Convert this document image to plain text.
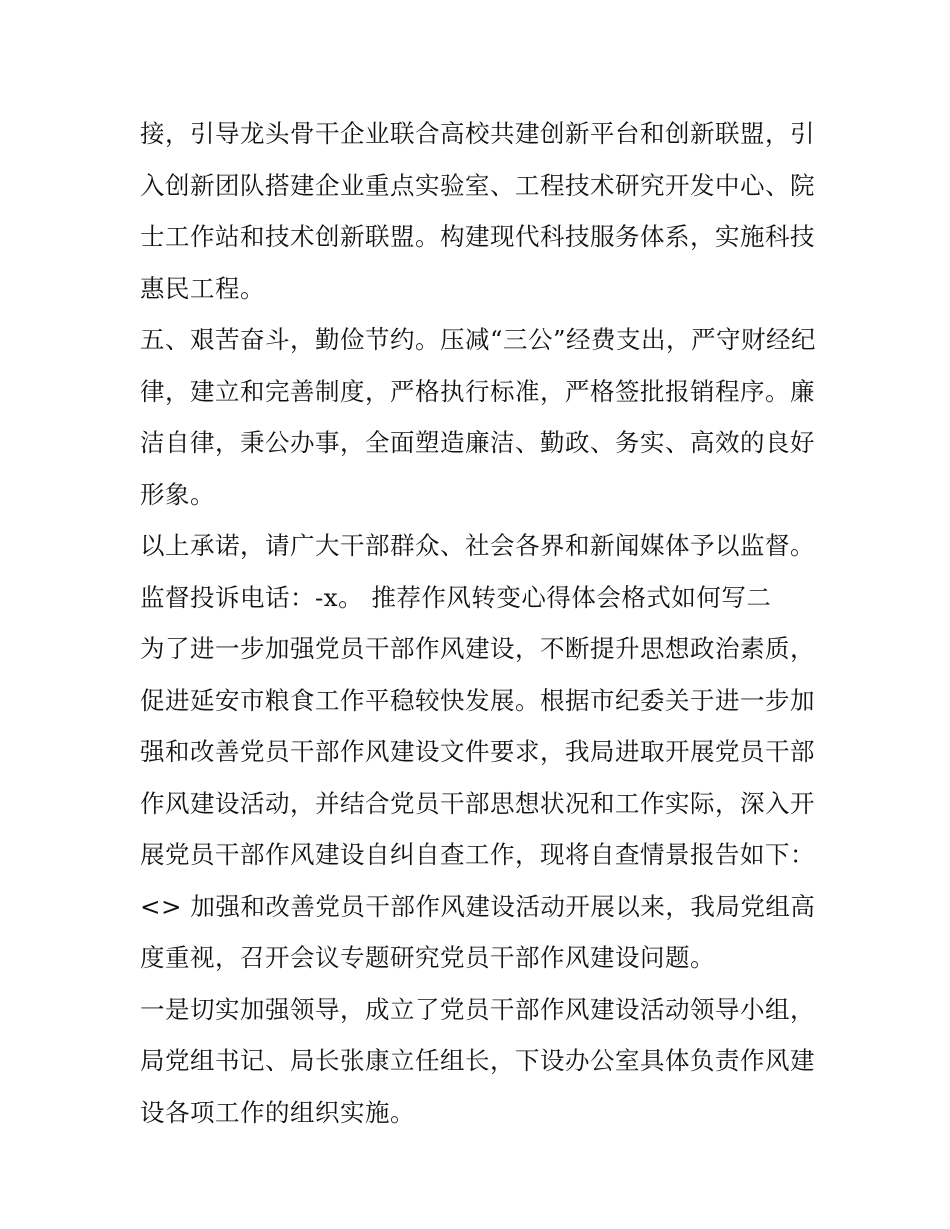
接，引导龙头骨干企业联合高校共建创新平台和创新联盟，引
入创新团队搭建企业重点实验室、工程技术研究开发中心、院
士工作站和技术创新联盟。构建现代科技服务体系，实施科技
惠民工程。
五、艰苦奋斗，勤俭节约。压减“三公”经费支出，严守财经纪
律，建立和完善制度，严格执行标准，严格签批报销程序。廉
洁自律，秉公办事，全面塑造廉洁、勤政、务实、高效的良好
形象。
以上承诺，请广大干部群众、社会各界和新闻媒体予以监督。
监督投诉电话：-x。 推荐作风转变心得体会格式如何写二
为了进一步加强党员干部作风建设，不断提升思想政治素质，
促进延安市粮食工作平稳较快发展。根据市纪委关于进一步加
强和改善党员干部作风建设文件要求，我局进取开展党员干部
作风建设活动，并结合党员干部思想状况和工作实际，深入开
展党员干部作风建设自纠自查工作，现将自查情景报告如下：
<> 加强和改善党员干部作风建设活动开展以来，我局党组高
度重视，召开会议专题研究党员干部作风建设问题。
一是切实加强领导，成立了党员干部作风建设活动领导小组，
局党组书记、局长张康立任组长，下设办公室具体负责作风建
设各项工作的组织实施。
